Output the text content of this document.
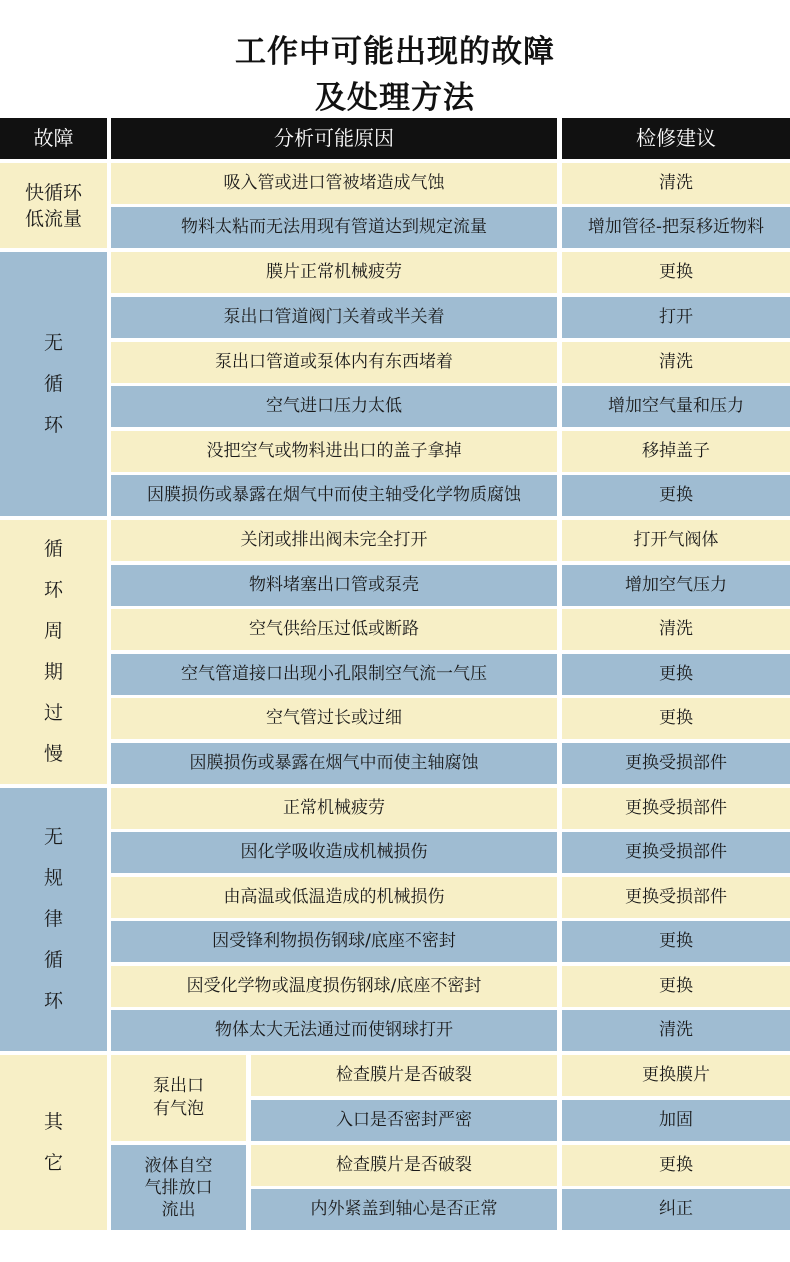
工作中可能出现的故障
及处理方法
故障	分析可能原因	检修建议
快循环
低流量
吸入管或进口管被堵造成气蚀	清洗
物料太粘而无法用现有管道达到规定流量	增加管径-把泵移近物料
无
循
环
膜片正常机械疲劳	更换
泵出口管道阀门关着或半关着	打开
泵出口管道或泵体内有东西堵着	清洗
空气进口压力太低	增加空气量和压力
没把空气或物料进出口的盖子拿掉	移掉盖子
因膜损伤或暴露在烟气中而使主轴受化学物质腐蚀	更换
循
环
周
期
过
慢
关闭或排出阀未完全打开	打开气阀体
物料堵塞出口管或泵壳	增加空气压力
空气供给压过低或断路	清洗
空气管道接口出现小孔限制空气流一气压	更换
空气管过长或过细	更换
因膜损伤或暴露在烟气中而使主轴腐蚀	更换受损部件
无
规
律
循
环
正常机械疲劳	更换受损部件
因化学吸收造成机械损伤	更换受损部件
由高温或低温造成的机械损伤	更换受损部件
因受锋利物损伤钢球/底座不密封	更换
因受化学物或温度损伤钢球/底座不密封	更换
物体太大无法通过而使钢球打开	清洗
其
它
泵出口
有气泡
检查膜片是否破裂	更换膜片
入口是否密封严密	加固
液体自空
气排放口
流出
检查膜片是否破裂	更换
内外紧盖到轴心是否正常	纠正
